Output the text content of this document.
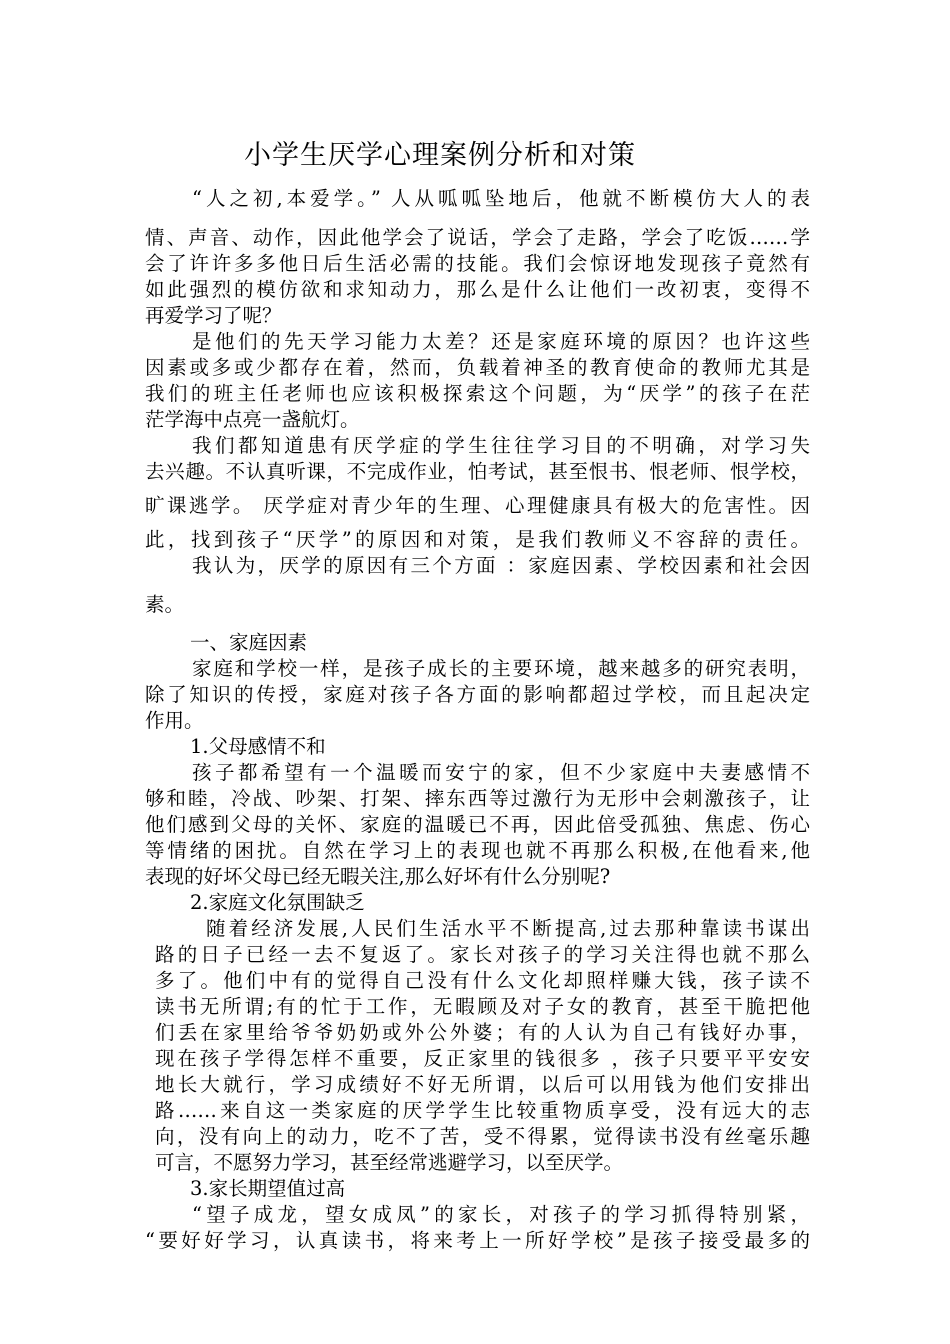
小学生厌学心理案例分析和对策
“人之初,本爱学。” 人从呱呱坠地后，他就不断模仿大人的表
情、声音、动作，因此他学会了说话，学会了走路，学会了吃饭……学
会了许许多多他日后生活必需的技能。我们会惊讶地发现孩子竟然有
如此强烈的模仿欲和求知动力，那么是什么让他们一改初衷，变得不
再爱学习了呢？
是他们的先天学习能力太差？还是家庭环境的原因？也许这些
因素或多或少都存在着，然而，负载着神圣的教育使命的教师尤其是
我们的班主任老师也应该积极探索这个问题，为“厌学”的孩子在茫
茫学海中点亮一盏航灯。
我们都知道患有厌学症的学生往往学习目的不明确，对学习失
去兴趣。不认真听课，不完成作业，怕考试，甚至恨书、恨老师、恨学校，
旷课逃学。 厌学症对青少年的生理、心理健康具有极大的危害性。因
此，找到孩子“厌学”的原因和对策，是我们教师义不容辞的责任。
我认为，厌学的原因有三个方面 ：家庭因素、学校因素和社会因
素。
一、家庭因素
家庭和学校一样，是孩子成长的主要环境，越来越多的研究表明，
除了知识的传授，家庭对孩子各方面的影响都超过学校，而且起决定
作用。
1.父母感情不和
孩子都希望有一个温暖而安宁的家，但不少家庭中夫妻感情不
够和睦，冷战、吵架、打架、摔东西等过激行为无形中会刺激孩子，让
他们感到父母的关怀、家庭的温暖已不再，因此倍受孤独、焦虑、伤心
等情绪的困扰。自然在学习上的表现也就不再那么积极,在他看来,他
表现的好坏父母已经无暇关注,那么好坏有什么分别呢?
2.家庭文化氛围缺乏
随着经济发展,人民们生活水平不断提高,过去那种靠读书谋出
路的日子已经一去不复返了。家长对孩子的学习关注得也就不那么
多了。他们中有的觉得自己没有什么文化却照样赚大钱，孩子读不
读书无所谓;有的忙于工作，无暇顾及对子女的教育，甚至干脆把他
们丢在家里给爷爷奶奶或外公外婆；有的人认为自己有钱好办事，
现在孩子学得怎样不重要，反正家里的钱很多 ，孩子只要平平安安
地长大就行，学习成绩好不好无所谓，以后可以用钱为他们安排出
路……来自这一类家庭的厌学学生比较重物质享受，没有远大的志
向，没有向上的动力，吃不了苦，受不得累，觉得读书没有丝毫乐趣
可言，不愿努力学习，甚至经常逃避学习，以至厌学。
3.家长期望值过高
“望子成龙，望女成凤”的家长，对孩子的学习抓得特别紧，
“要好好学习，认真读书，将来考上一所好学校”是孩子接受最多的
